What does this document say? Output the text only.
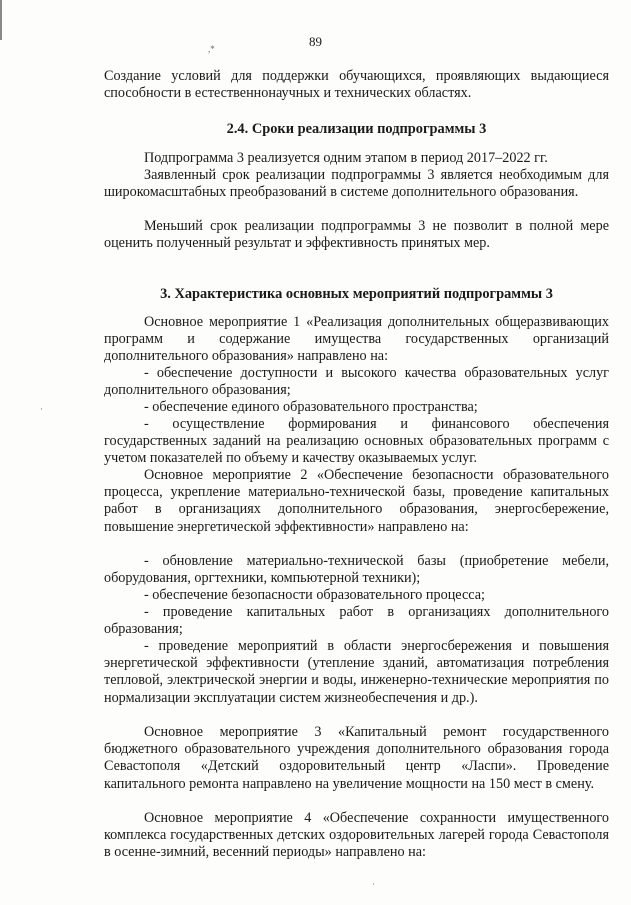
89
,*
Создание условий для поддержки обучающихся, проявляющих выдающиеся способности в естественнонаучных и технических областях.
2.4. Сроки реализации подпрограммы 3
Подпрограмма 3 реализуется одним этапом в период 2017–2022 гг.
Заявленный срок реализации подпрограммы 3 является необходимым для широкомасштабных преобразований в системе дополнительного образования.
Меньший срок реализации подпрограммы 3 не позволит в полной мере оценить полученный результат и эффективность принятых мер.
3. Характеристика основных мероприятий подпрограммы 3
Основное мероприятие 1 «Реализация дополнительных общеразвивающих программ и содержание имущества государственных организаций дополнительного образования» направлено на:
- обеспечение доступности и высокого качества образовательных услуг дополнительного образования;
- обеспечение единого образовательного пространства;
- осуществление формирования и финансового обеспечения государственных заданий на реализацию основных образовательных программ с учетом показателей по объему и качеству оказываемых услуг.
Основное мероприятие 2 «Обеспечение безопасности образовательного процесса, укрепление материально-технической базы, проведение капитальных работ в организациях дополнительного образования, энергосбережение, повышение энергетической эффективности» направлено на:
- обновление материально-технической базы (приобретение мебели, оборудования, оргтехники, компьютерной техники);
- обеспечение безопасности образовательного процесса;
- проведение капитальных работ в организациях дополнительного образования;
- проведение мероприятий в области энергосбережения и повышения энергетической эффективности (утепление зданий, автоматизация потребления тепловой, электрической энергии и воды, инженерно-технические мероприятия по нормализации эксплуатации систем жизнеобеспечения и др.).
Основное мероприятие 3 «Капитальный ремонт государственного бюджетного образовательного учреждения дополнительного образования города Севастополя «Детский оздоровительный центр «Ласпи». Проведение капитального ремонта направлено на увеличение мощности на 150 мест в смену.
Основное мероприятие 4 «Обеспечение сохранности имущественного комплекса государственных детских оздоровительных лагерей города Севастополя в осенне-зимний, весенний периоды» направлено на:
·
·
